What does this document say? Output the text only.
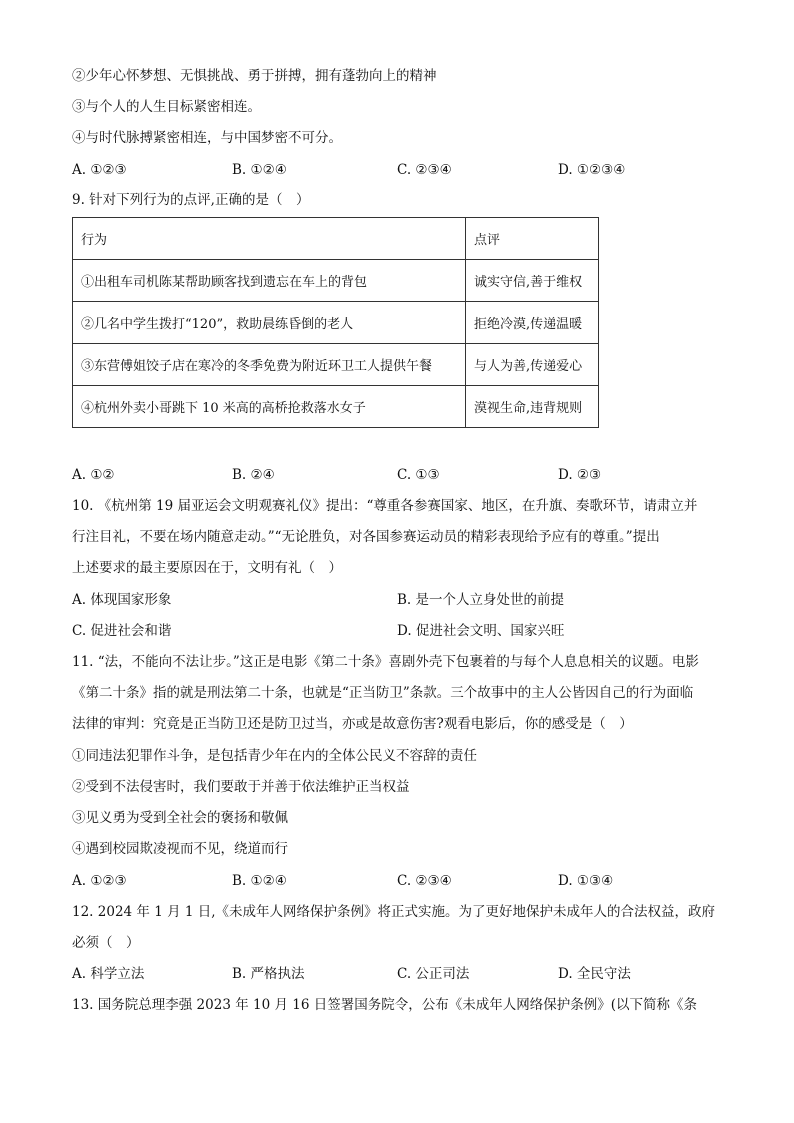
②少年心怀梦想、无惧挑战、勇于拼搏，拥有蓬勃向上的精神
③与个人的人生目标紧密相连。
④与时代脉搏紧密相连，与中国梦密不可分。
A. ①②③	B. ①②④	C. ②③④	D. ①②③④
9. 针对下列行为的点评,正确的是（　）
行为	点评
①出租车司机陈某帮助顾客找到遗忘在车上的背包	诚实守信,善于维权
②几名中学生拨打“120”，救助晨练昏倒的老人	拒绝冷漠,传递温暖
③东营傅姐饺子店在寒冷的冬季免费为附近环卫工人提供午餐	与人为善,传递爱心
④杭州外卖小哥跳下 10 米高的高桥抢救落水女子	漠视生命,违背规则
A. ①②	B. ②④	C. ①③	D. ②③
10. 《杭州第 19 届亚运会文明观赛礼仪》提出：“尊重各参赛国家、地区，在升旗、奏歌环节，请肃立并
行注目礼，不要在场内随意走动。”“无论胜负，对各国参赛运动员的精彩表现给予应有的尊重。”提出
上述要求的最主要原因在于，文明有礼（　）
A. 体现国家形象	B. 是一个人立身处世的前提
C. 促进社会和谐	D. 促进社会文明、国家兴旺
11. “法，不能向不法让步。”这正是电影《第二十条》喜剧外壳下包裹着的与每个人息息相关的议题。电影
《第二十条》指的就是刑法第二十条，也就是“正当防卫”条款。三个故事中的主人公皆因自己的行为面临
法律的审判：究竟是正当防卫还是防卫过当，亦或是故意伤害?观看电影后，你的感受是（　）
①同违法犯罪作斗争，是包括青少年在内的全体公民义不容辞的责任
②受到不法侵害时，我们要敢于并善于依法维护正当权益
③见义勇为受到全社会的褒扬和敬佩
④遇到校园欺凌视而不见，绕道而行
A. ①②③	B. ①②④	C. ②③④	D. ①③④
12. 2024 年 1 月 1 日,《未成年人网络保护条例》将正式实施。为了更好地保护未成年人的合法权益，政府
必须（　）
A. 科学立法	B. 严格执法	C. 公正司法	D. 全民守法
13. 国务院总理李强 2023 年 10 月 16 日签署国务院令，公布《未成年人网络保护条例》(以下简称《条
